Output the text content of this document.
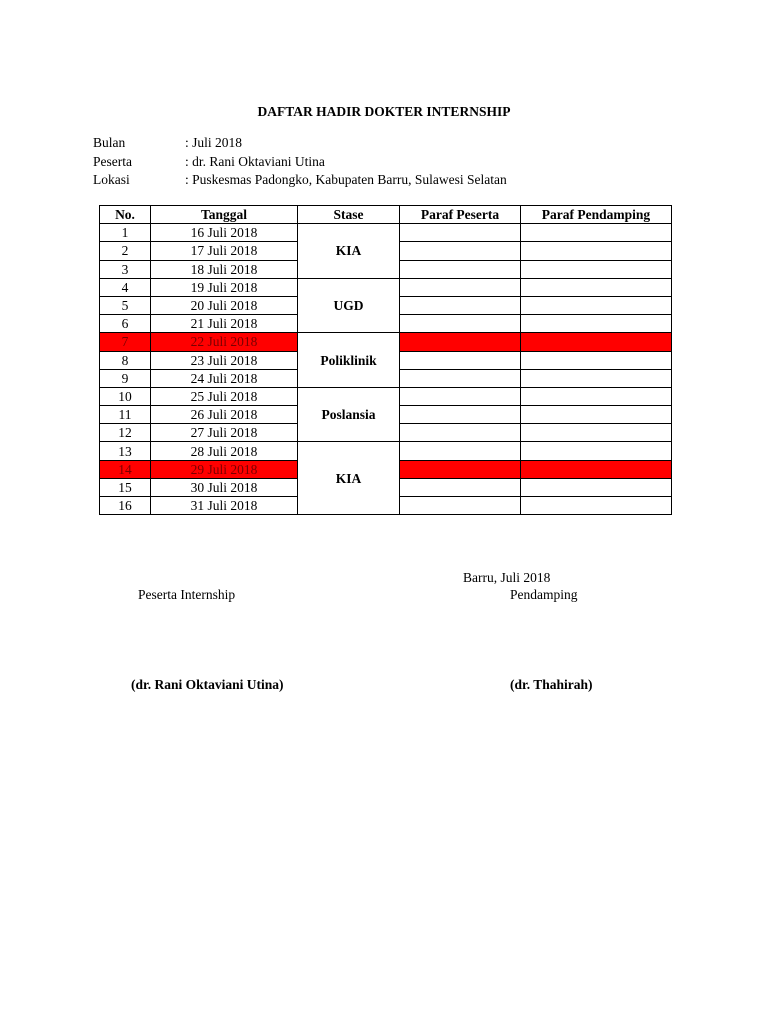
DAFTAR HADIR DOKTER INTERNSHIP
Bulan	: Juli 2018
Peserta	: dr. Rani Oktaviani Utina
Lokasi	: Puskesmas Padongko, Kabupaten Barru, Sulawesi Selatan
No.	Tanggal	Stase	Paraf Peserta	Paraf Pendamping
1	16 Juli 2018	KIA		
2	17 Juli 2018			
3	18 Juli 2018			
4	19 Juli 2018	UGD		
5	20 Juli 2018			
6	21 Juli 2018			
7	22 Juli 2018	Poliklinik		
8	23 Juli 2018			
9	24 Juli 2018			
10	25 Juli 2018	Poslansia		
11	26 Juli 2018			
12	27 Juli 2018			
13	28 Juli 2018	KIA		
14	29 Juli 2018			
15	30 Juli 2018			
16	31 Juli 2018			
Barru, Juli 2018
Peserta Internship	Pendamping
(dr. Rani Oktaviani Utina)	(dr. Thahirah)
